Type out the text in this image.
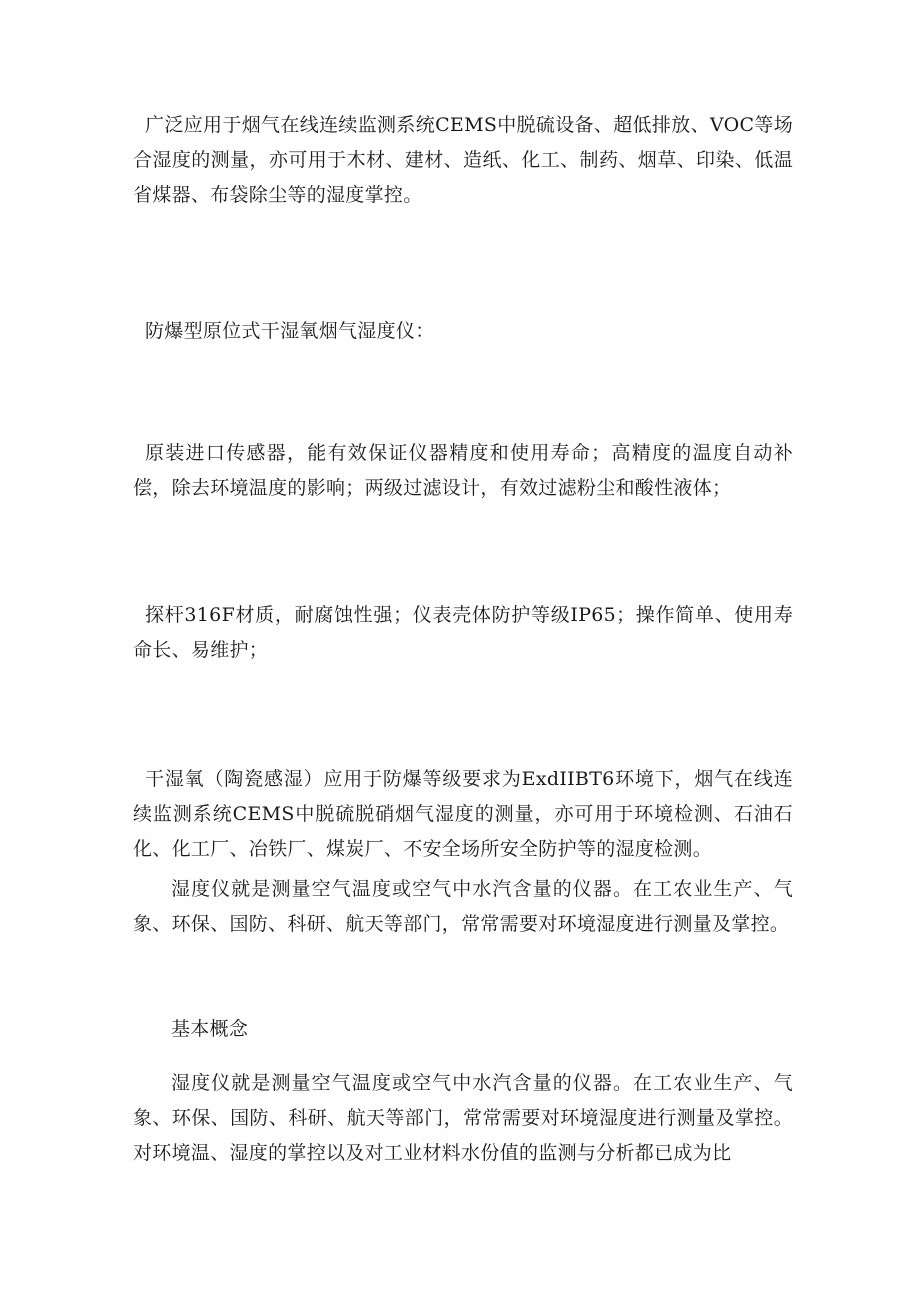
广泛应用于烟气在线连续监测系统CEMS中脱硫设备、超低排放、VOC等场合湿度的测量，亦可用于木材、建材、造纸、化工、制药、烟草、印染、低温省煤器、布袋除尘等的湿度掌控。

防爆型原位式干湿氧烟气湿度仪：

原装进口传感器，能有效保证仪器精度和使用寿命；高精度的温度自动补偿，除去环境温度的影响；两级过滤设计，有效过滤粉尘和酸性液体；

探杆316F材质，耐腐蚀性强；仪表壳体防护等级IP65；操作简单、使用寿命长、易维护；

干湿氧（陶瓷感湿）应用于防爆等级要求为ExdIIBT6环境下，烟气在线连续监测系统CEMS中脱硫脱硝烟气湿度的测量，亦可用于环境检测、石油石化、化工厂、冶铁厂、煤炭厂、不安全场所安全防护等的湿度检测。

湿度仪就是测量空气温度或空气中水汽含量的仪器。在工农业生产、气象、环保、国防、科研、航天等部门，常常需要对环境湿度进行测量及掌控。

基本概念

湿度仪就是测量空气温度或空气中水汽含量的仪器。在工农业生产、气象、环保、国防、科研、航天等部门，常常需要对环境湿度进行测量及掌控。对环境温、湿度的掌控以及对工业材料水份值的监测与分析都已成为比
